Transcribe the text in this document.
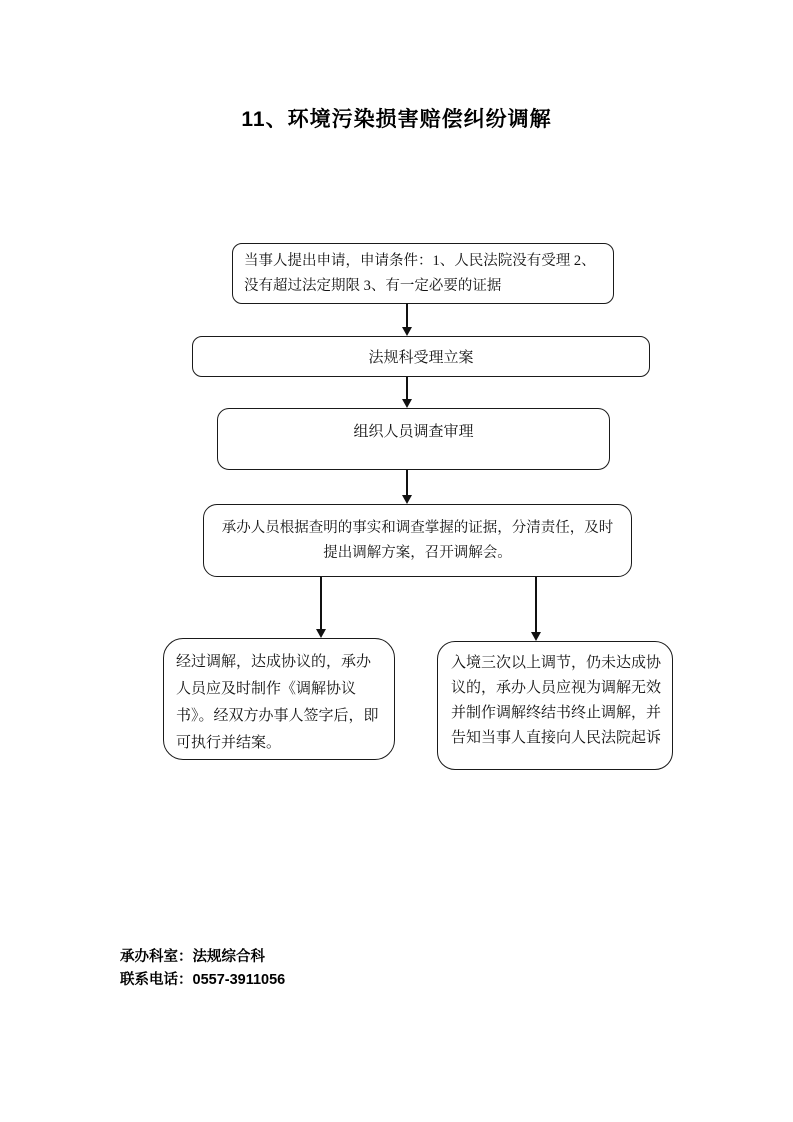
11、环境污染损害赔偿纠纷调解
当事人提出申请，申请条件：1、人民法院没有受理 2、没有超过法定期限 3、有一定必要的证据
法规科受理立案
组织人员调查审理
承办人员根据查明的事实和调查掌握的证据，分清责任，及时提出调解方案，召开调解会。
经过调解，达成协议的，承办人员应及时制作《调解协议书》。经双方办事人签字后，即可执行并结案。
入境三次以上调节，仍未达成协议的，承办人员应视为调解无效并制作调解终结书终止调解，并告知当事人直接向人民法院起诉
承办科室：法规综合科
联系电话：0557-3911056
